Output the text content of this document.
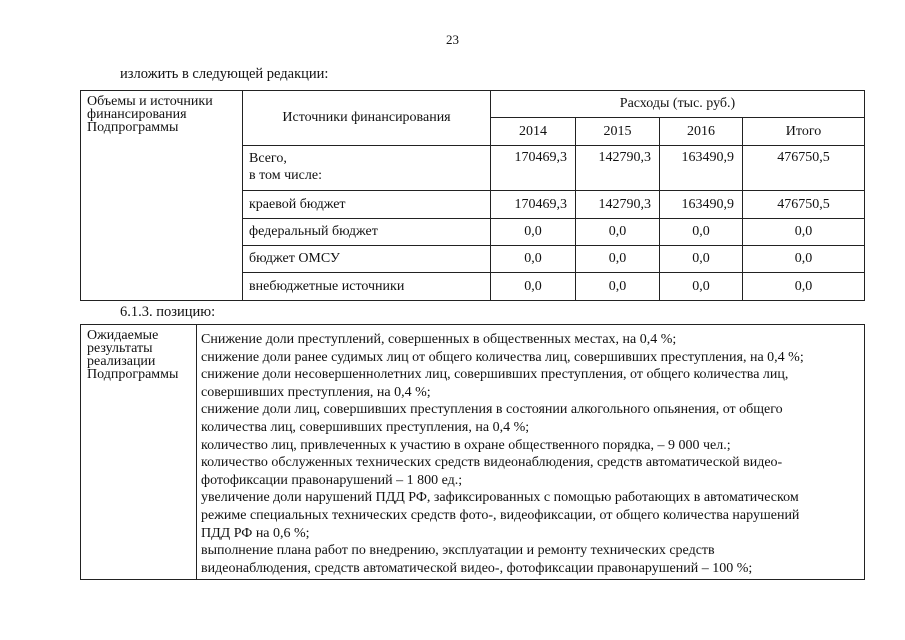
23
изложить в следующей редакции:
Объемы и источники финансирования Подпрограммы	Источники финансирования	Расходы (тыс. руб.)			
		2014	2015	2016	Итого
	Всего,
в том числе:	170469,3	142790,3	163490,9	476750,5
	краевой бюджет	170469,3	142790,3	163490,9	476750,5
	федеральный бюджет	0,0	0,0	0,0	0,0
	бюджет ОМСУ	0,0	0,0	0,0	0,0
	внебюджетные источники	0,0	0,0	0,0	0,0
6.1.3. позицию:
Ожидаемые результаты реализации Подпрограммы	
Снижение доли преступлений, совершенных в общественных местах, на 0,4 %;
снижение доли ранее судимых лиц от общего количества лиц, совершивших преступления, на 0,4 %;
снижение доли несовершеннолетних лиц, совершивших преступления, от общего количества лиц,
совершивших преступления, на 0,4 %;
снижение доли лиц, совершивших преступления в состоянии алкогольного опьянения, от общего
количества лиц, совершивших преступления, на 0,4 %;
количество лиц, привлеченных к участию в охране общественного порядка, – 9 000 чел.;
количество обслуженных технических средств видеонаблюдения, средств автоматической видео-
фотофиксации правонарушений – 1 800 ед.;
увеличение доли нарушений ПДД РФ, зафиксированных с помощью работающих в автоматическом
режиме специальных технических средств фото-, видеофиксации, от общего количества нарушений
ПДД РФ на 0,6 %;
выполнение плана работ по внедрению, эксплуатации и ремонту технических средств
видеонаблюдения, средств автоматической видео-, фотофиксации правонарушений – 100 %;
